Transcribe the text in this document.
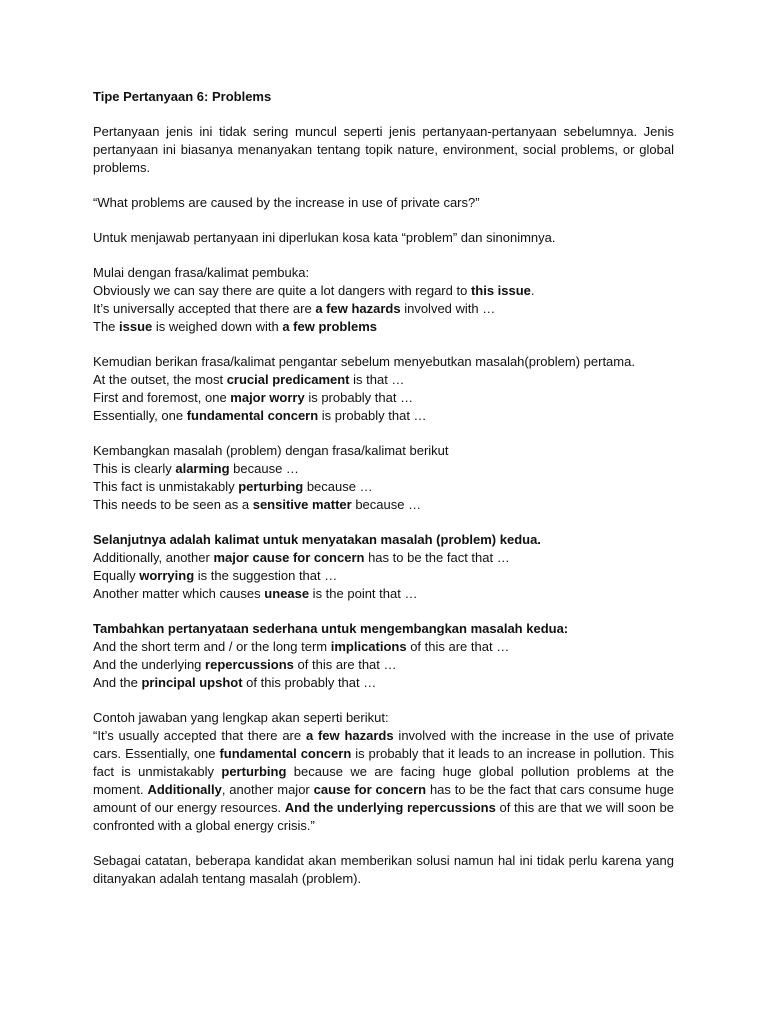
Tipe Pertanyaan 6: Problems
Pertanyaan jenis ini tidak sering muncul seperti jenis pertanyaan-pertanyaan sebelumnya. Jenis pertanyaan ini biasanya menanyakan tentang topik nature, environment, social problems, or global problems.
“What problems are caused by the increase in use of private cars?”
Untuk menjawab pertanyaan ini diperlukan kosa kata “problem” dan sinonimnya.
Mulai dengan frasa/kalimat pembuka:
Obviously we can say there are quite a lot dangers with regard to this issue.
It’s universally accepted that there are a few hazards involved with …
The issue is weighed down with a few problems
Kemudian berikan frasa/kalimat pengantar sebelum menyebutkan masalah(problem) pertama.
At the outset, the most crucial predicament is that …
First and foremost, one major worry is probably that …
Essentially, one fundamental concern is probably that …
Kembangkan masalah (problem) dengan frasa/kalimat berikut
This is clearly alarming because …
This fact is unmistakably perturbing because …
This needs to be seen as a sensitive matter because …
Selanjutnya adalah kalimat untuk menyatakan masalah (problem) kedua.
Additionally, another major cause for concern has to be the fact that …
Equally worrying is the suggestion that …
Another matter which causes unease is the point that …
Tambahkan pertanyataan sederhana untuk mengembangkan masalah kedua:
And the short term and / or the long term implications of this are that …
And the underlying repercussions of this are that …
And the principal upshot of this probably that …
Contoh jawaban yang lengkap akan seperti berikut:
“It’s usually accepted that there are a few hazards involved with the increase in the use of private cars. Essentially, one fundamental concern is probably that it leads to an increase in pollution. This fact is unmistakably perturbing because we are facing huge global pollution problems at the moment. Additionally, another major cause for concern has to be the fact that cars consume huge amount of our energy resources. And the underlying repercussions of this are that we will soon be confronted with a global energy crisis.”
Sebagai catatan, beberapa kandidat akan memberikan solusi namun hal ini tidak perlu karena yang ditanyakan adalah tentang masalah (problem).
